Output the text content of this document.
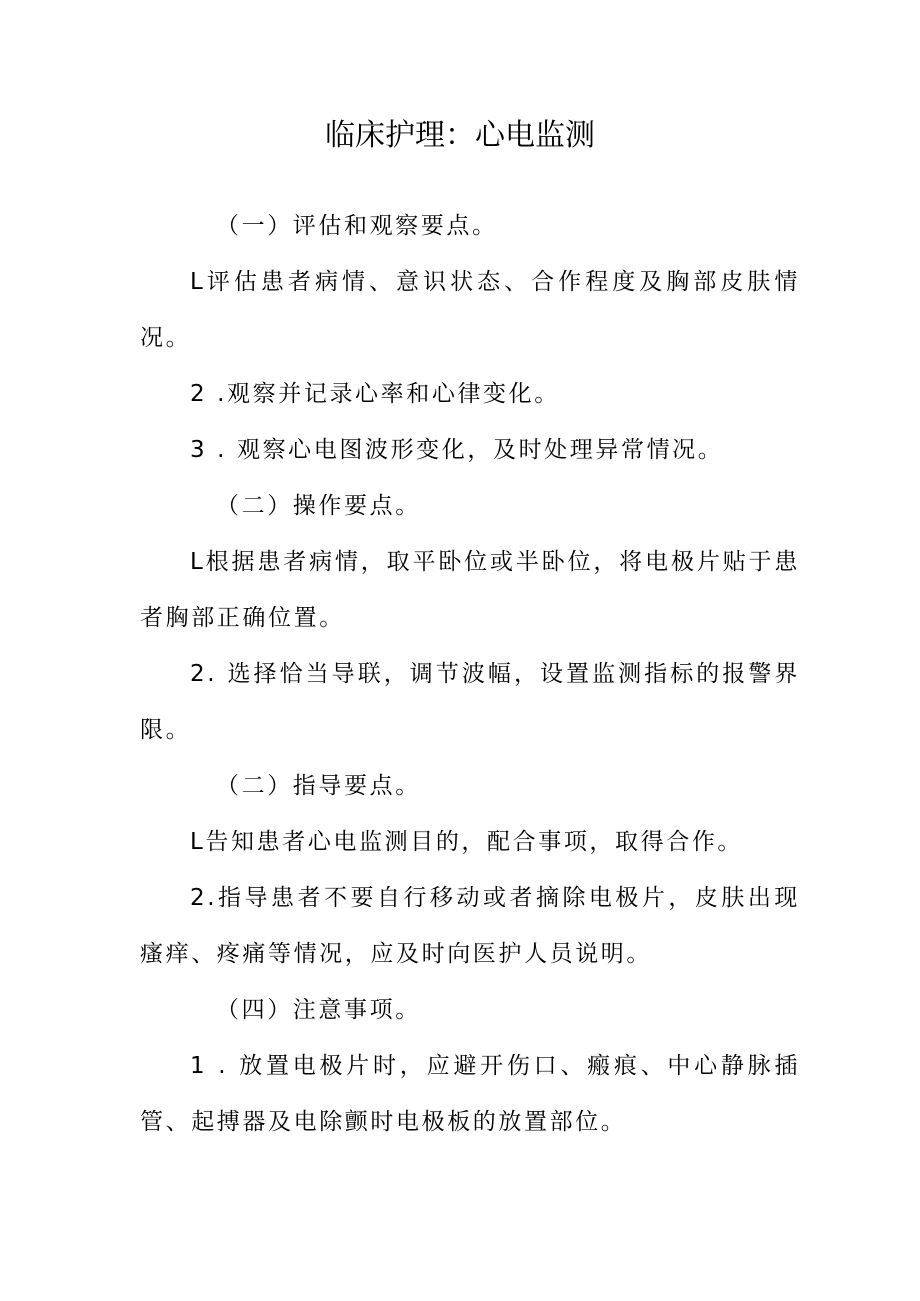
临床护理：心电监测

（一）评估和观察要点。

L评估患者病情、意识状态、合作程度及胸部皮肤情况。

2 .观察并记录心率和心律变化。

3 . 观察心电图波形变化，及时处理异常情况。

（二）操作要点。

L根据患者病情，取平卧位或半卧位，将电极片贴于患者胸部正确位置。

2. 选择恰当导联，调节波幅，设置监测指标的报警界限。

（二）指导要点。

L告知患者心电监测目的，配合事项，取得合作。

2.指导患者不要自行移动或者摘除电极片，皮肤出现瘙痒、疼痛等情况，应及时向医护人员说明。

（四）注意事项。

1 . 放置电极片时，应避开伤口、瘢痕、中心静脉插管、起搏器及电除颤时电极板的放置部位。
